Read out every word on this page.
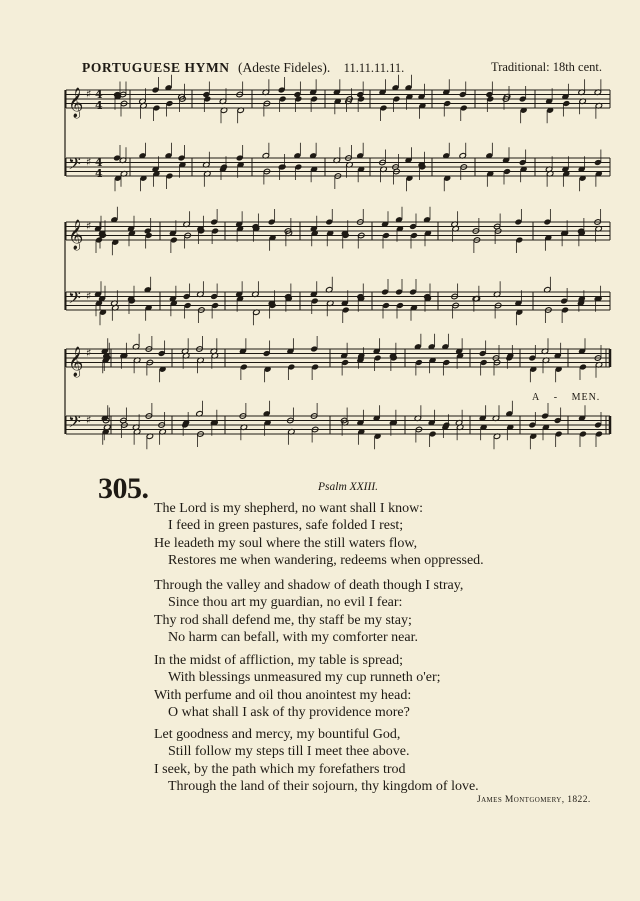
PORTUGUESE HYMN (Adeste Fideles). 11.11.11.11.	Traditional: 18th cent.
𝄞 ♯ 4
4
𝄢 ♯ 4
4
𝄞 ♯
𝄢 ♯
𝄞 ♯
𝄢 ♯
A - MEN.
305.	Psalm XXIII.
The Lord is my shepherd, no want shall I know:
I feed in green pastures, safe folded I rest;
He leadeth my soul where the still waters flow,
Restores me when wandering, redeems when oppressed.
Through the valley and shadow of death though I stray,
Since thou art my guardian, no evil I fear:
Thy rod shall defend me, thy staff be my stay;
No harm can befall, with my comforter near.
In the midst of affliction, my table is spread;
With blessings unmeasured my cup runneth o'er;
With perfume and oil thou anointest my head:
O what shall I ask of thy providence more?
Let goodness and mercy, my bountiful God,
Still follow my steps till I meet thee above.
I seek, by the path which my forefathers trod
Through the land of their sojourn, thy kingdom of love.
James Montgomery, 1822.
